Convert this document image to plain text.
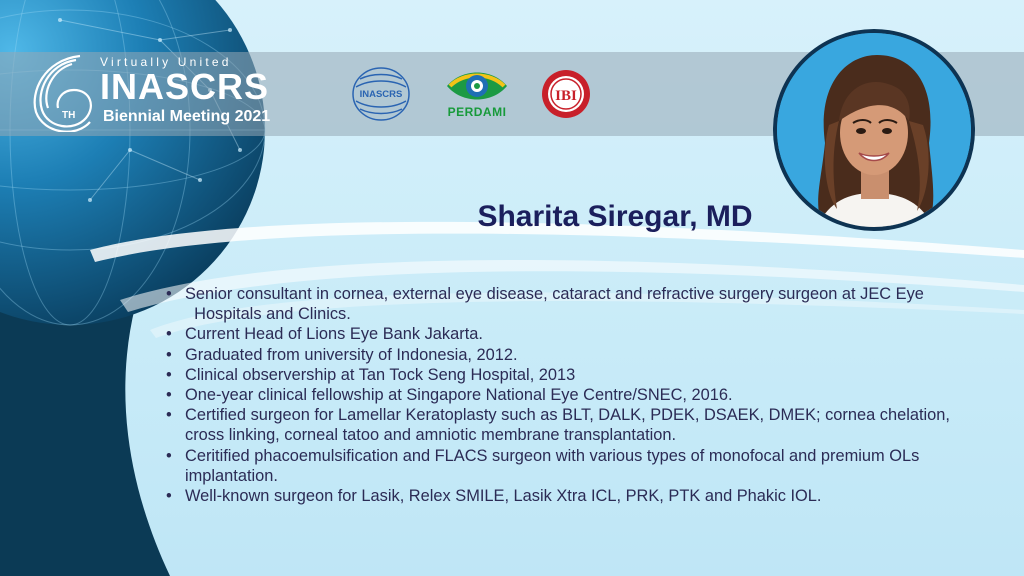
Virtually United
INASCRS
TH Biennial Meeting 2021
INASCRS
PERDAMI
IBI
Sharita Siregar, MD
• Senior consultant in cornea, external eye disease, cataract and refractive surgery surgeon at JEC Eye   Hospitals and Clinics.
• Current Head of Lions Eye Bank Jakarta.
• Graduated from university of Indonesia, 2012.
• Clinical observership at Tan Tock Seng Hospital, 2013
• One-year clinical fellowship at Singapore National Eye Centre/SNEC, 2016.
• Certified surgeon for Lamellar Keratoplasty such as BLT, DALK, PDEK, DSAEK, DMEK; cornea chelation, cross linking, corneal tatoo and amniotic membrane transplantation.
• Ceritified phacoemulsification and FLACS surgeon with various types of monofocal and premium OLs implantation.
• Well-known surgeon for Lasik, Relex SMILE, Lasik Xtra ICL, PRK, PTK and Phakic IOL.
